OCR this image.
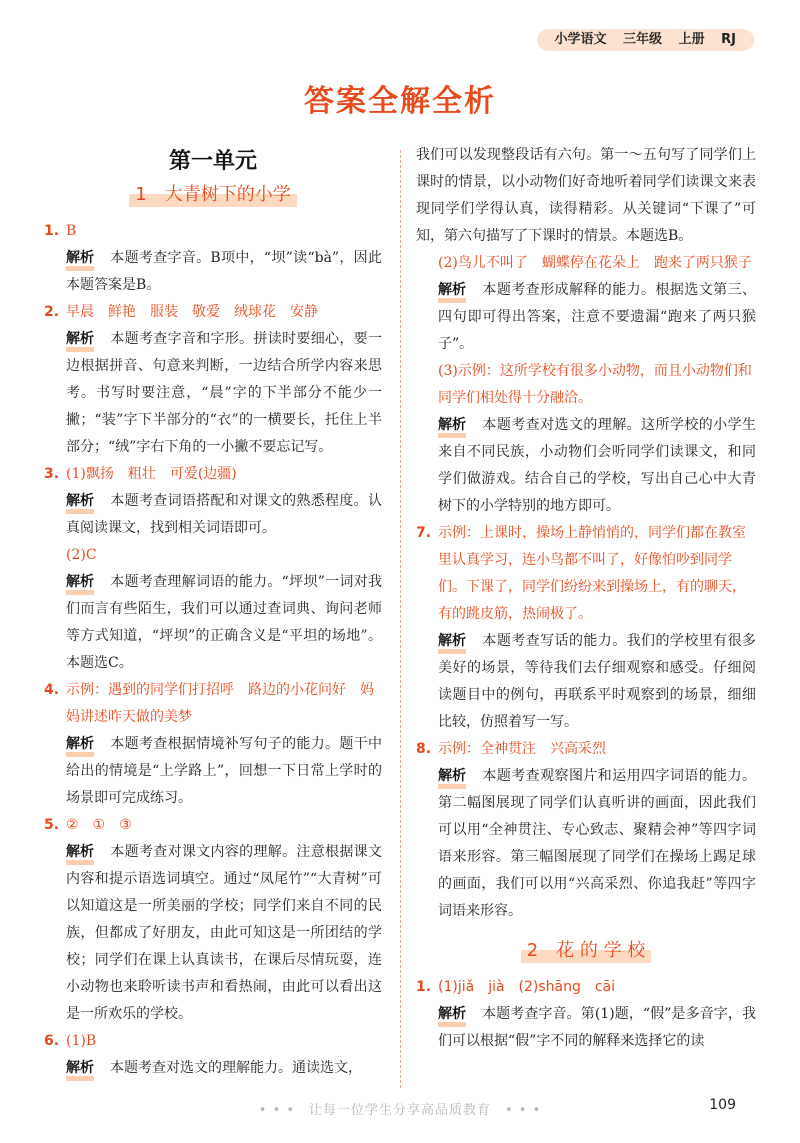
小学语文 三年级 上册 RJ
答案全解全析
第一单元
1　大青树下的小学
1. B
解析 本题考查字音。B项中，“坝”读“bà”，因此本题答案是B。
2. 早晨　鲜艳　服装　敬爱　绒球花　安静
解析 本题考查字音和字形。拼读时要细心，要一边根据拼音、句意来判断，一边结合所学内容来思考。书写时要注意，“晨”字的下半部分不能少一撇；“装”字下半部分的“衣”的一横要长，托住上半部分；“绒”字右下角的一小撇不要忘记写。
3. (1)飘扬　粗壮　可爱(边疆)
解析 本题考查词语搭配和对课文的熟悉程度。认真阅读课文，找到相关词语即可。
(2)C
解析 本题考查理解词语的能力。“坪坝”一词对我们而言有些陌生，我们可以通过查词典、询问老师等方式知道，“坪坝”的正确含义是“平坦的场地”。本题选C。
4. 示例：遇到的同学们打招呼　路边的小花问好　妈妈讲述昨天做的美梦
解析 本题考查根据情境补写句子的能力。题干中给出的情境是“上学路上”，回想一下日常上学时的场景即可完成练习。
5. ②　①　③
解析 本题考查对课文内容的理解。注意根据课文内容和提示语选词填空。通过“凤尾竹”“大青树”可以知道这是一所美丽的学校；同学们来自不同的民族，但都成了好朋友，由此可知这是一所团结的学校；同学们在课上认真读书，在课后尽情玩耍，连小动物也来聆听读书声和看热闹，由此可以看出这是一所欢乐的学校。
6. (1)B
解析 本题考查对选文的理解能力。通读选文，
我们可以发现整段话有六句。第一～五句写了同学们上课时的情景，以小动物们好奇地听着同学们读课文来表现同学们学得认真，读得精彩。从关键词“下课了”可知，第六句描写了下课时的情景。本题选B。
(2)鸟儿不叫了　蝴蝶停在花朵上　跑来了两只猴子
解析 本题考查形成解释的能力。根据选文第三、四句即可得出答案，注意不要遗漏“跑来了两只猴子”。
(3)示例：这所学校有很多小动物，而且小动物们和同学们相处得十分融洽。
解析 本题考查对选文的理解。这所学校的小学生来自不同民族，小动物们会听同学们读课文，和同学们做游戏。结合自己的学校，写出自己心中大青树下的小学特别的地方即可。
7. 示例：上课时，操场上静悄悄的，同学们都在教室里认真学习，连小鸟都不叫了，好像怕吵到同学们。下课了，同学们纷纷来到操场上，有的聊天，有的跳皮筋，热闹极了。
解析 本题考查写话的能力。我们的学校里有很多美好的场景，等待我们去仔细观察和感受。仔细阅读题目中的例句，再联系平时观察到的场景，细细比较，仿照着写一写。
8. 示例：全神贯注　兴高采烈
解析 本题考查观察图片和运用四字词语的能力。第二幅图展现了同学们认真听讲的画面，因此我们可以用“全神贯注、专心致志、聚精会神”等四字词语来形容。第三幅图展现了同学们在操场上踢足球的画面，我们可以用“兴高采烈、你追我赶”等四字词语来形容。
2　花 的 学 校
1. (1)jiǎ　jià　(2)shāng　cāi
解析 本题考查字音。第(1)题，“假”是多音字，我们可以根据“假”字不同的解释来选择它的读
• • •　让每一位学生分享高品质教育　• • •	109
